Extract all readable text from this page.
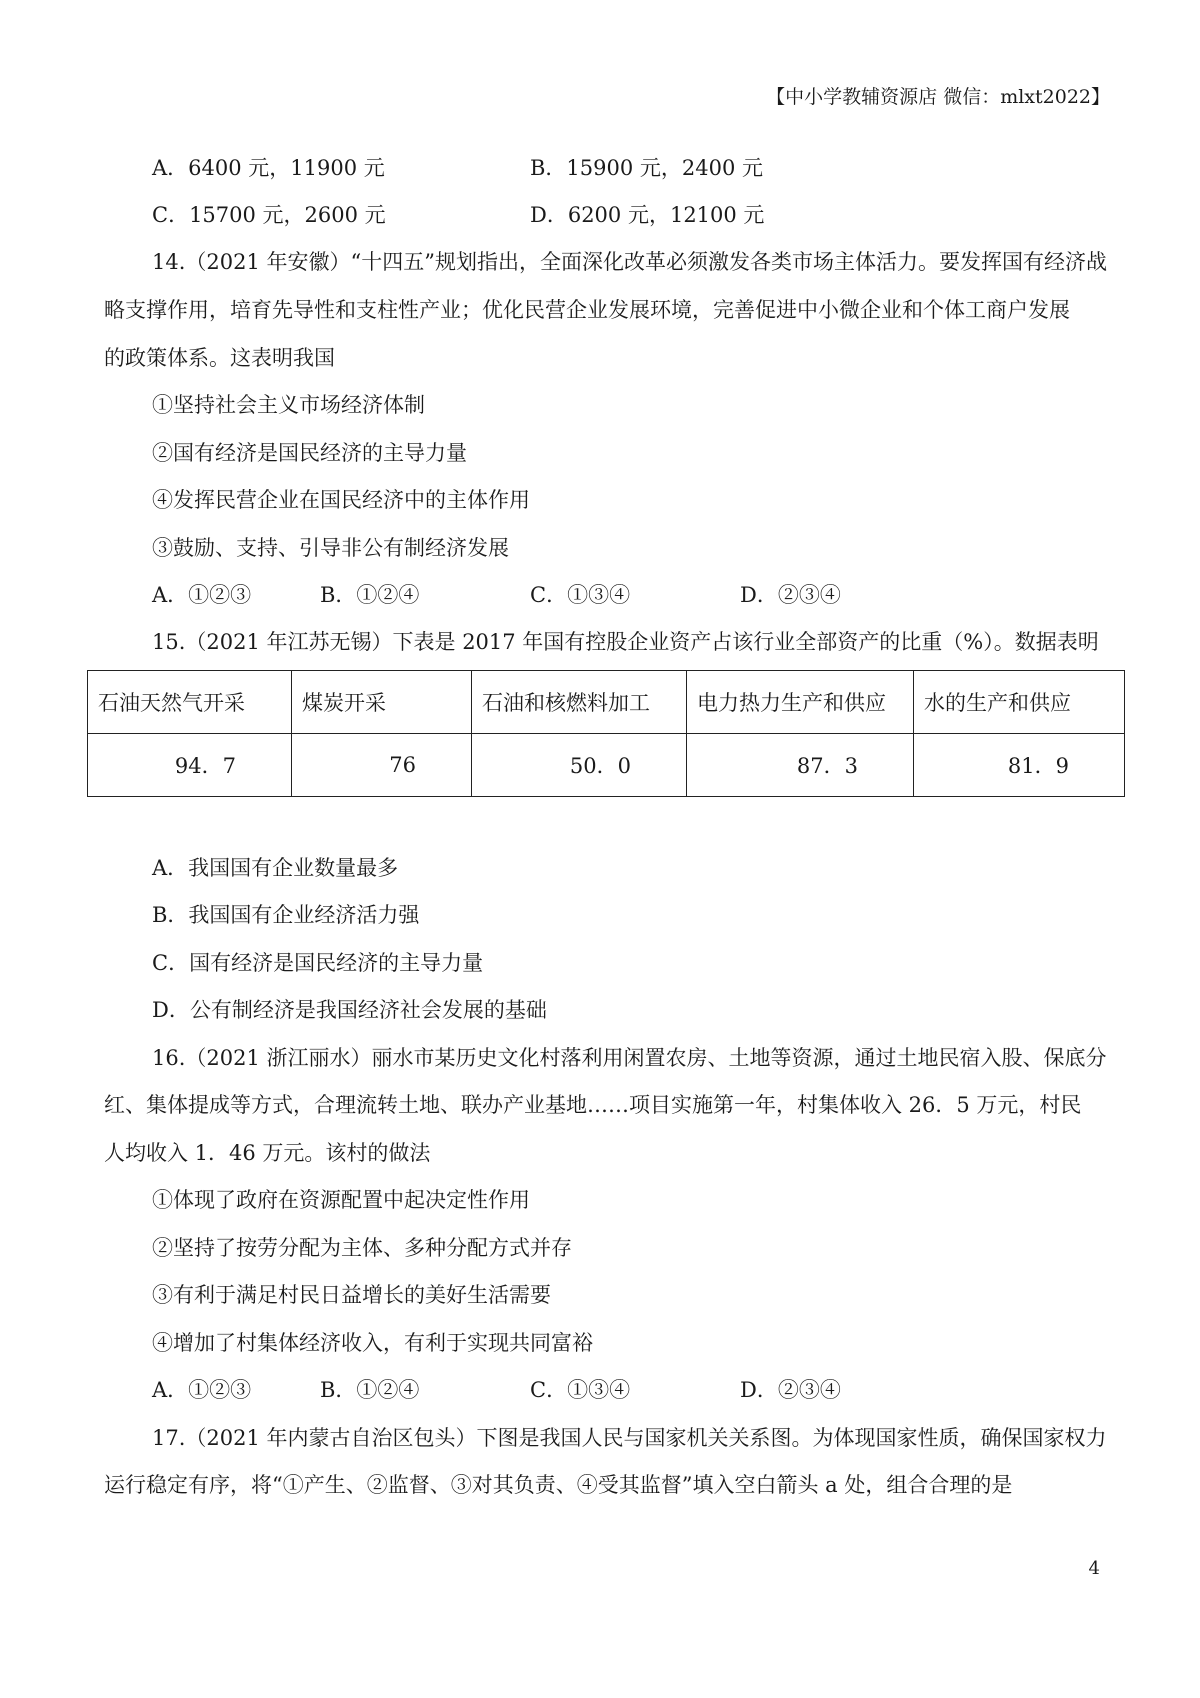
【中小学教辅资源店 微信：mlxt2022】
A．6400 元，11900 元	B．15900 元，2400 元
C．15700 元，2600 元	D．6200 元，12100 元
14.（2021 年安徽）“十四五”规划指出，全面深化改革必须激发各类市场主体活力。要发挥国有经济战
略支撑作用，培育先导性和支柱性产业；优化民营企业发展环境，完善促进中小微企业和个体工商户发展
的政策体系。这表明我国
①坚持社会主义市场经济体制
②国有经济是国民经济的主导力量
④发挥民营企业在国民经济中的主体作用
③鼓励、支持、引导非公有制经济发展
A．①②③	B．①②④	C．①③④	D．②③④
15.（2021 年江苏无锡）下表是 2017 年国有控股企业资产占该行业全部资产的比重（%）。数据表明
石油天然气开采	煤炭开采	石油和核燃料加工	电力热力生产和供应	水的生产和供应
94．7	76	50．0	87．3	81．9
A．我国国有企业数量最多
B．我国国有企业经济活力强
C．国有经济是国民经济的主导力量
D．公有制经济是我国经济社会发展的基础
16.（2021 浙江丽水）丽水市某历史文化村落利用闲置农房、土地等资源，通过土地民宿入股、保底分
红、集体提成等方式，合理流转土地、联办产业基地……项目实施第一年，村集体收入 26．5 万元，村民
人均收入 1．46 万元。该村的做法
①体现了政府在资源配置中起决定性作用
②坚持了按劳分配为主体、多种分配方式并存
③有利于满足村民日益增长的美好生活需要
④增加了村集体经济收入，有利于实现共同富裕
A．①②③	B．①②④	C．①③④	D．②③④
17.（2021 年内蒙古自治区包头）下图是我国人民与国家机关关系图。为体现国家性质，确保国家权力
运行稳定有序，将“①产生、②监督、③对其负责、④受其监督”填入空白箭头 a 处，组合合理的是
4
